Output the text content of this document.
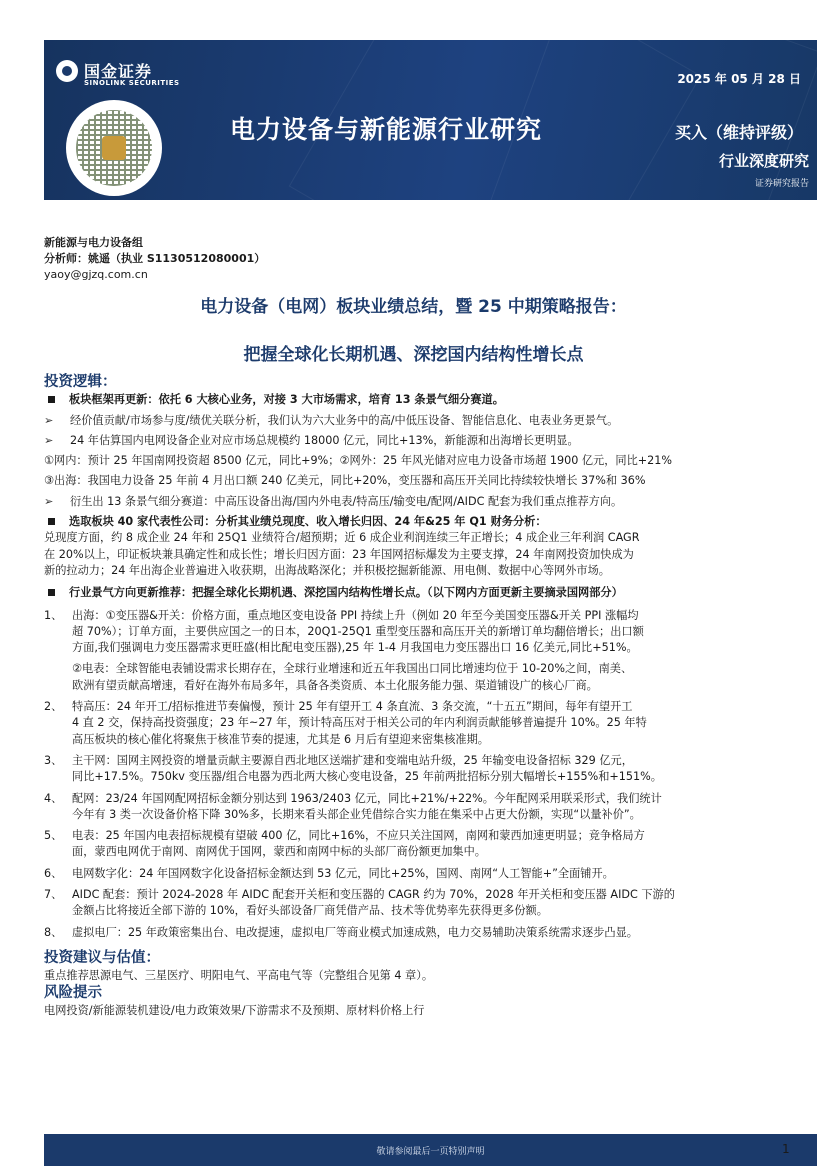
国金证券
SINOLINK SECURITIES	2025 年 05 月 28 日
电力设备与新能源行业研究	买入（维持评级）
行业深度研究
证券研究报告
新能源与电力设备组
分析师：姚遥（执业 S1130512080001）
yaoy@gjzq.com.cn
电力设备（电网）板块业绩总结，暨 25 中期策略报告：
把握全球化长期机遇、深挖国内结构性增长点
投资逻辑：
板块框架再更新：依托 6 大核心业务，对接 3 大市场需求，培育 13 条景气细分赛道。
➢ 经价值贡献/市场参与度/绩优关联分析，我们认为六大业务中的高/中低压设备、智能信息化、电表业务更景气。
➢ 24 年估算国内电网设备企业对应市场总规模约 18000 亿元，同比+13%，新能源和出海增长更明显。
①网内：预计 25 年国南网投资超 8500 亿元，同比+9%；②网外：25 年风光储对应电力设备市场超 1900 亿元，同比+21%
③出海：我国电力设备 25 年前 4 月出口额 240 亿美元，同比+20%，变压器和高压开关同比持续较快增长 37%和 36%
➢ 衍生出 13 条景气细分赛道：中高压设备出海/国内外电表/特高压/输变电/配网/AIDC 配套为我们重点推荐方向。
选取板块 40 家代表性公司：分析其业绩兑现度、收入增长归因、24 年&25 年 Q1 财务分析：
兑现度方面，约 8 成企业 24 年和 25Q1 业绩符合/超预期；近 6 成企业利润连续三年正增长；4 成企业三年利润 CAGR
在 20%以上，印证板块兼具确定性和成长性；增长归因方面：23 年国网招标爆发为主要支撑，24 年南网投资加快成为
新的拉动力；24 年出海企业普遍进入收获期，出海战略深化；并积极挖掘新能源、用电侧、数据中心等网外市场。
行业景气方向更新推荐：把握全球化长期机遇、深挖国内结构性增长点。（以下网内方面更新主要摘录国网部分）
1、 出海：①变压器&开关：价格方面，重点地区变电设备 PPI 持续上升（例如 20 年至今美国变压器&开关 PPI 涨幅均
超 70%）；订单方面，主要供应国之一的日本，20Q1-25Q1 重型变压器和高压开关的新增订单均翻倍增长；出口额
方面,我们强调电力变压器需求更旺盛(相比配电变压器),25 年 1-4 月我国电力变压器出口 16 亿美元,同比+51%。
②电表：全球智能电表铺设需求长期存在，全球行业增速和近五年我国出口同比增速均位于 10-20%之间，南美、
欧洲有望贡献高增速，看好在海外布局多年，具备各类资质、本土化服务能力强、渠道铺设广的核心厂商。
2、 特高压：24 年开工/招标推进节奏偏慢，预计 25 年有望开工 4 条直流、3 条交流，“十五五”期间，每年有望开工
4 直 2 交，保持高投资强度；23 年~27 年，预计特高压对于相关公司的年内利润贡献能够普遍提升 10%。25 年特
高压板块的核心催化将聚焦于核准节奏的提速，尤其是 6 月后有望迎来密集核准期。
3、 主干网：国网主网投资的增量贡献主要源自西北地区送端扩建和变端电站升级，25 年输变电设备招标 329 亿元，
同比+17.5%。750kv 变压器/组合电器为西北两大核心变电设备，25 年前两批招标分别大幅增长+155%和+151%。
4、 配网：23/24 年国网配网招标金额分别达到 1963/2403 亿元，同比+21%/+22%。今年配网采用联采形式，我们统计
今年有 3 类一次设备价格下降 30%多，长期来看头部企业凭借综合实力能在集采中占更大份额，实现“以量补价”。
5、 电表：25 年国内电表招标规模有望破 400 亿，同比+16%，不应只关注国网，南网和蒙西加速更明显；竞争格局方
面，蒙西电网优于南网、南网优于国网，蒙西和南网中标的头部厂商份额更加集中。
6、 电网数字化：24 年国网数字化设备招标金额达到 53 亿元，同比+25%，国网、南网“人工智能+”全面铺开。
7、 AIDC 配套：预计 2024-2028 年 AIDC 配套开关柜和变压器的 CAGR 约为 70%，2028 年开关柜和变压器 AIDC 下游的
金额占比将接近全部下游的 10%，看好头部设备厂商凭借产品、技术等优势率先获得更多份额。
8、 虚拟电厂：25 年政策密集出台、电改提速，虚拟电厂等商业模式加速成熟，电力交易辅助决策系统需求逐步凸显。
投资建议与估值：
重点推荐思源电气、三星医疗、明阳电气、平高电气等（完整组合见第 4 章）。
风险提示
电网投资/新能源装机建设/电力政策效果/下游需求不及预期、原材料价格上行
敬请参阅最后一页特别声明	1
